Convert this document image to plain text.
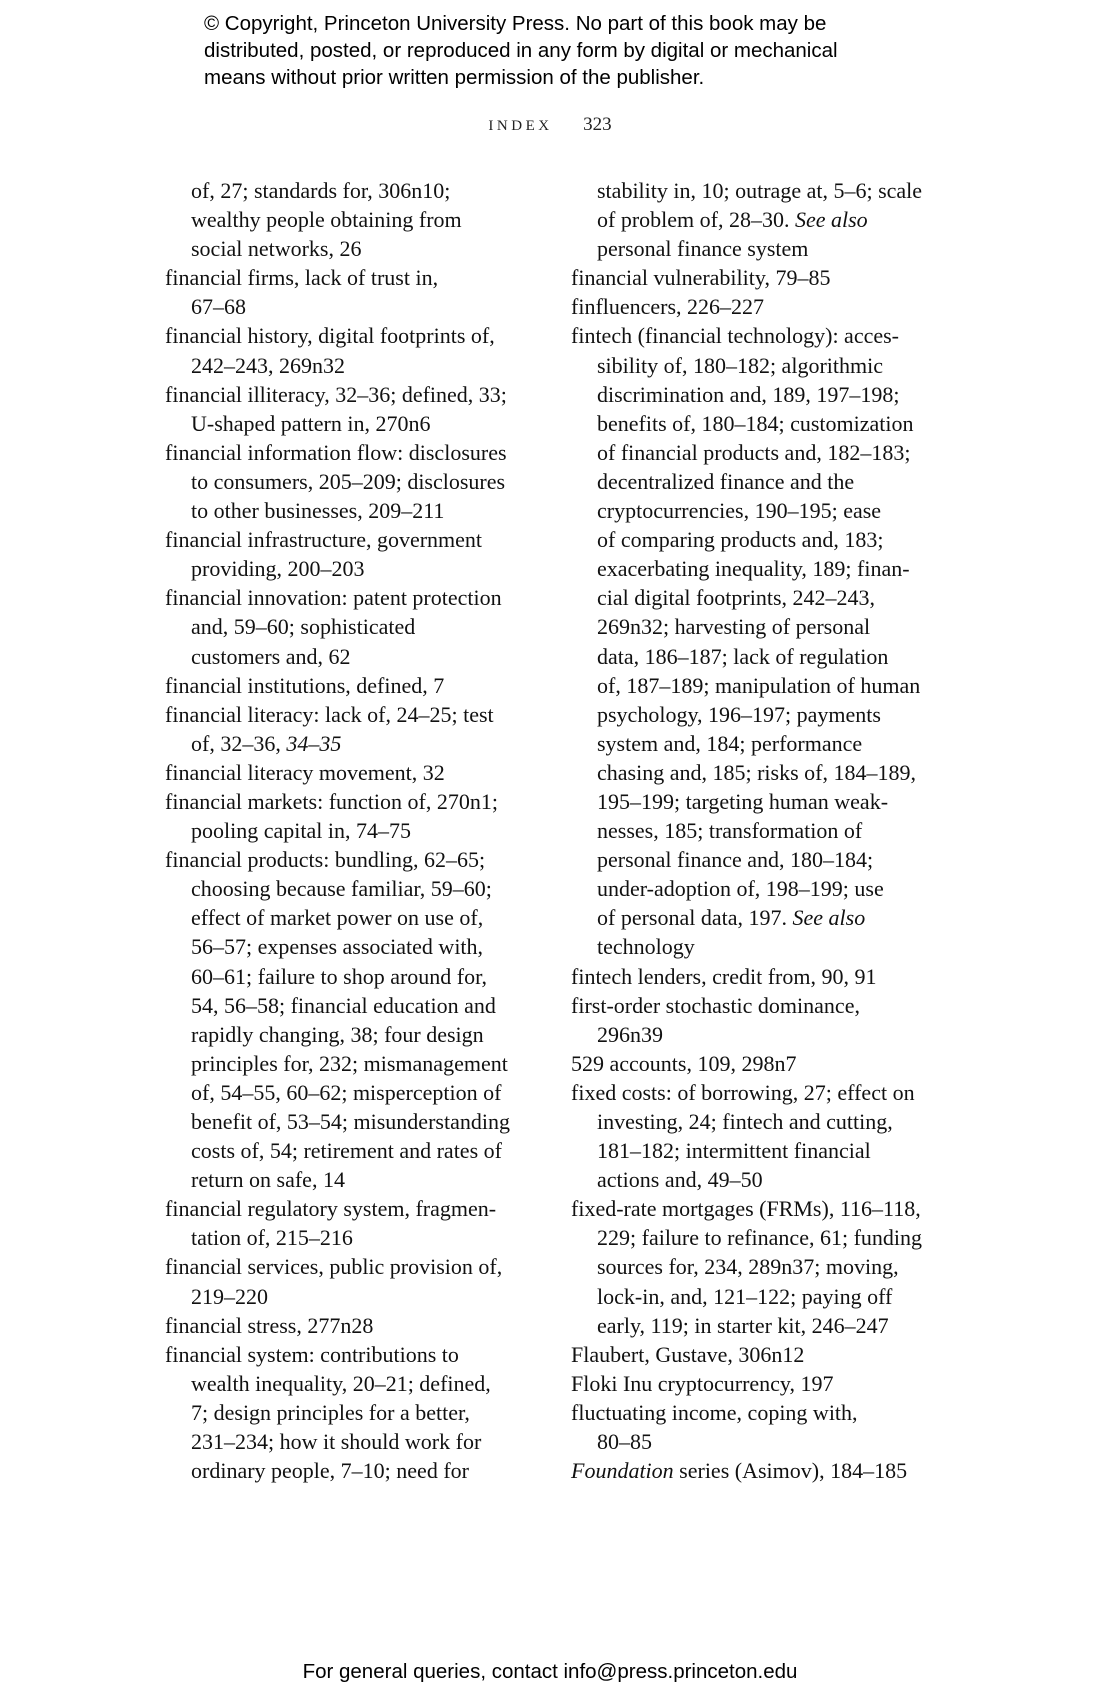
© Copyright, Princeton University Press. No part of this book may be
distributed, posted, or reproduced in any form by digital or mechanical
means without prior written permission of the publisher.
INDEX 323
of, 27; standards for, 306n10;
wealthy people obtaining from
social networks, 26
financial firms, lack of trust in,
67–68
financial history, digital footprints of,
242–243, 269n32
financial illiteracy, 32–36; defined, 33;
U-shaped pattern in, 270n6
financial information flow: disclosures
to consumers, 205–209; disclosures
to other businesses, 209–211
financial infrastructure, government
providing, 200–203
financial innovation: patent protection
and, 59–60; sophisticated
customers and, 62
financial institutions, defined, 7
financial literacy: lack of, 24–25; test
of, 32–36, 34–35
financial literacy movement, 32
financial markets: function of, 270n1;
pooling capital in, 74–75
financial products: bundling, 62–65;
choosing because familiar, 59–60;
effect of market power on use of,
56–57; expenses associated with,
60–61; failure to shop around for,
54, 56–58; financial education and
rapidly changing, 38; four design
principles for, 232; mismanagement
of, 54–55, 60–62; misperception of
benefit of, 53–54; misunderstanding
costs of, 54; retirement and rates of
return on safe, 14
financial regulatory system, fragmen-
tation of, 215–216
financial services, public provision of,
219–220
financial stress, 277n28
financial system: contributions to
wealth inequality, 20–21; defined,
7; design principles for a better,
231–234; how it should work for
ordinary people, 7–10; need for
stability in, 10; outrage at, 5–6; scale
of problem of, 28–30. See also
personal finance system
financial vulnerability, 79–85
finfluencers, 226–227
fintech (financial technology): acces-
sibility of, 180–182; algorithmic
discrimination and, 189, 197–198;
benefits of, 180–184; customization
of financial products and, 182–183;
decentralized finance and the
cryptocurrencies, 190–195; ease
of comparing products and, 183;
exacerbating inequality, 189; finan-
cial digital footprints, 242–243,
269n32; harvesting of personal
data, 186–187; lack of regulation
of, 187–189; manipulation of human
psychology, 196–197; payments
system and, 184; performance
chasing and, 185; risks of, 184–189,
195–199; targeting human weak-
nesses, 185; transformation of
personal finance and, 180–184;
under-adoption of, 198–199; use
of personal data, 197. See also
technology
fintech lenders, credit from, 90, 91
first-order stochastic dominance,
296n39
529 accounts, 109, 298n7
fixed costs: of borrowing, 27; effect on
investing, 24; fintech and cutting,
181–182; intermittent financial
actions and, 49–50
fixed-rate mortgages (FRMs), 116–118,
229; failure to refinance, 61; funding
sources for, 234, 289n37; moving,
lock-in, and, 121–122; paying off
early, 119; in starter kit, 246–247
Flaubert, Gustave, 306n12
Floki Inu cryptocurrency, 197
fluctuating income, coping with,
80–85
Foundation series (Asimov), 184–185
For general queries, contact info@press.princeton.edu
